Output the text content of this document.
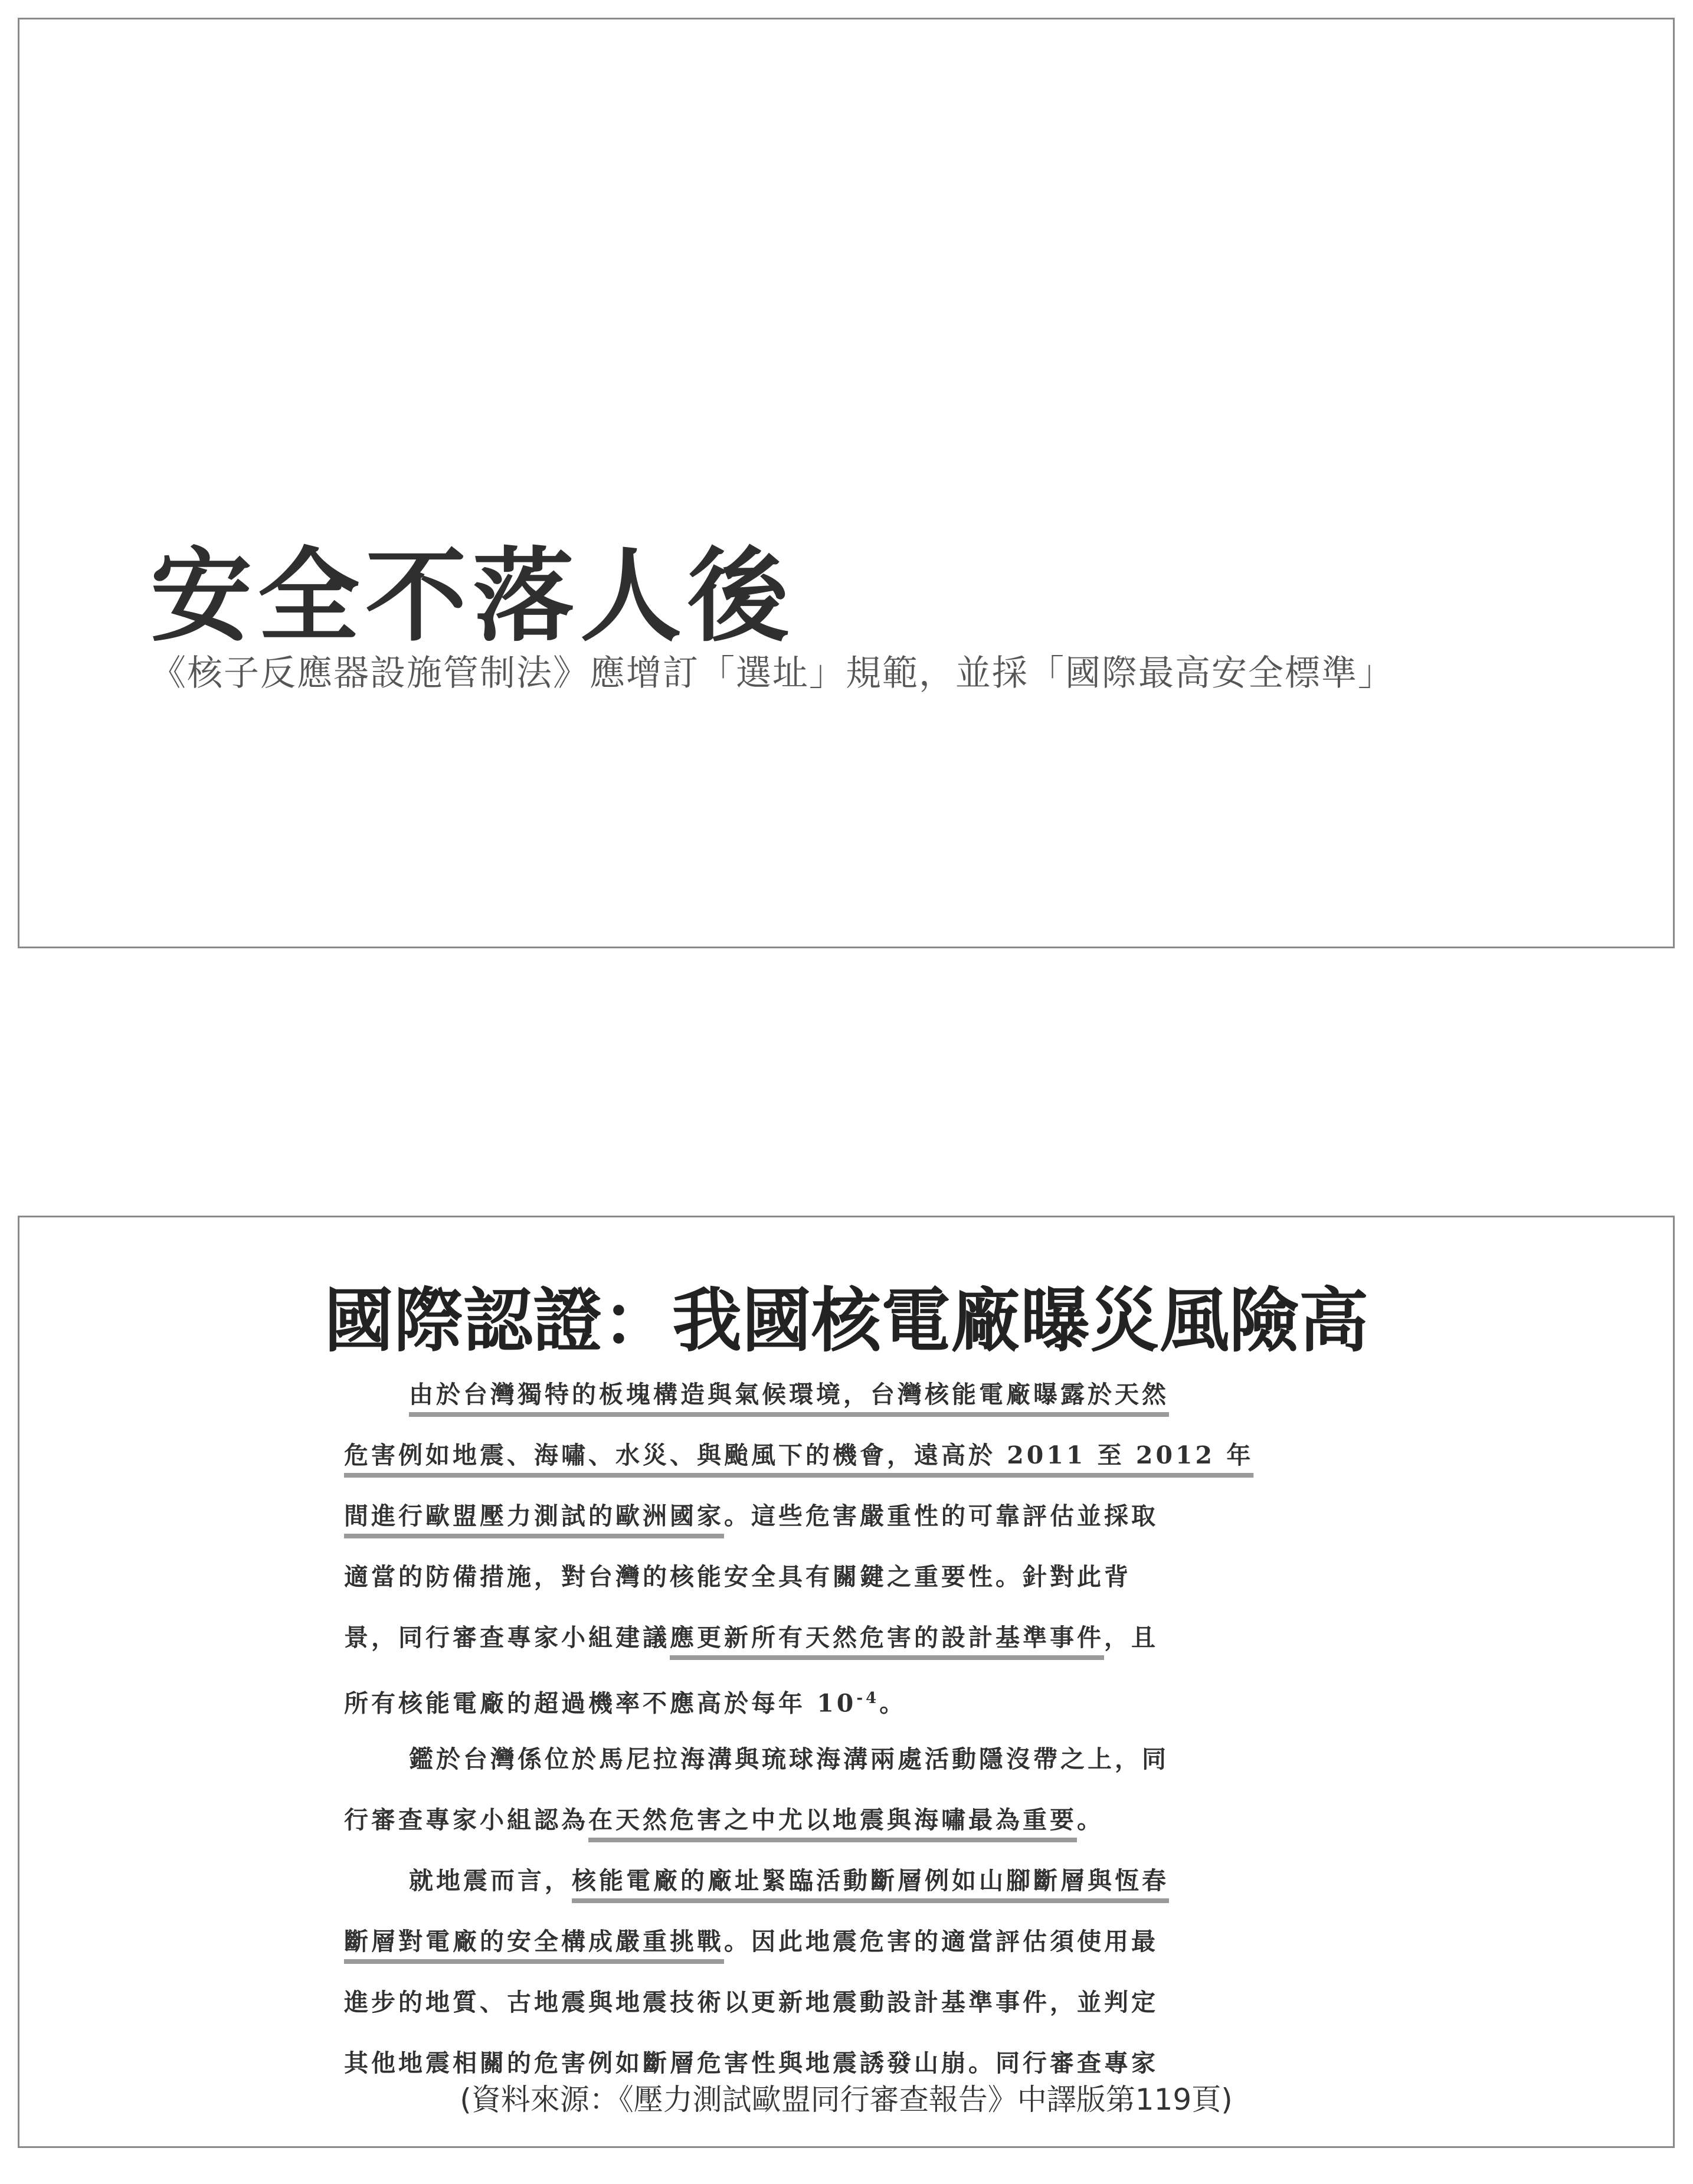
安全不落人後
《核子反應器設施管制法》應增訂「選址」規範，並採「國際最高安全標準」
國際認證：我國核電廠曝災風險高
由於台灣獨特的板塊構造與氣候環境，台灣核能電廠曝露於天然
危害例如地震、海嘯、水災、與颱風下的機會，遠高於 2011 至 2012 年
間進行歐盟壓力測試的歐洲國家。這些危害嚴重性的可靠評估並採取
適當的防備措施，對台灣的核能安全具有關鍵之重要性。針對此背
景，同行審查專家小組建議應更新所有天然危害的設計基準事件，且
所有核能電廠的超過機率不應高於每年 $10^{-4}$。
鑑於台灣係位於馬尼拉海溝與琉球海溝兩處活動隱沒帶之上，同
行審查專家小組認為在天然危害之中尤以地震與海嘯最為重要。
就地震而言，核能電廠的廠址緊臨活動斷層例如山腳斷層與恆春
斷層對電廠的安全構成嚴重挑戰。因此地震危害的適當評估須使用最
進步的地質、古地震與地震技術以更新地震動設計基準事件，並判定
其他地震相關的危害例如斷層危害性與地震誘發山崩。同行審查專家
(資料來源：《壓力測試歐盟同行審查報告》中譯版第119頁)
